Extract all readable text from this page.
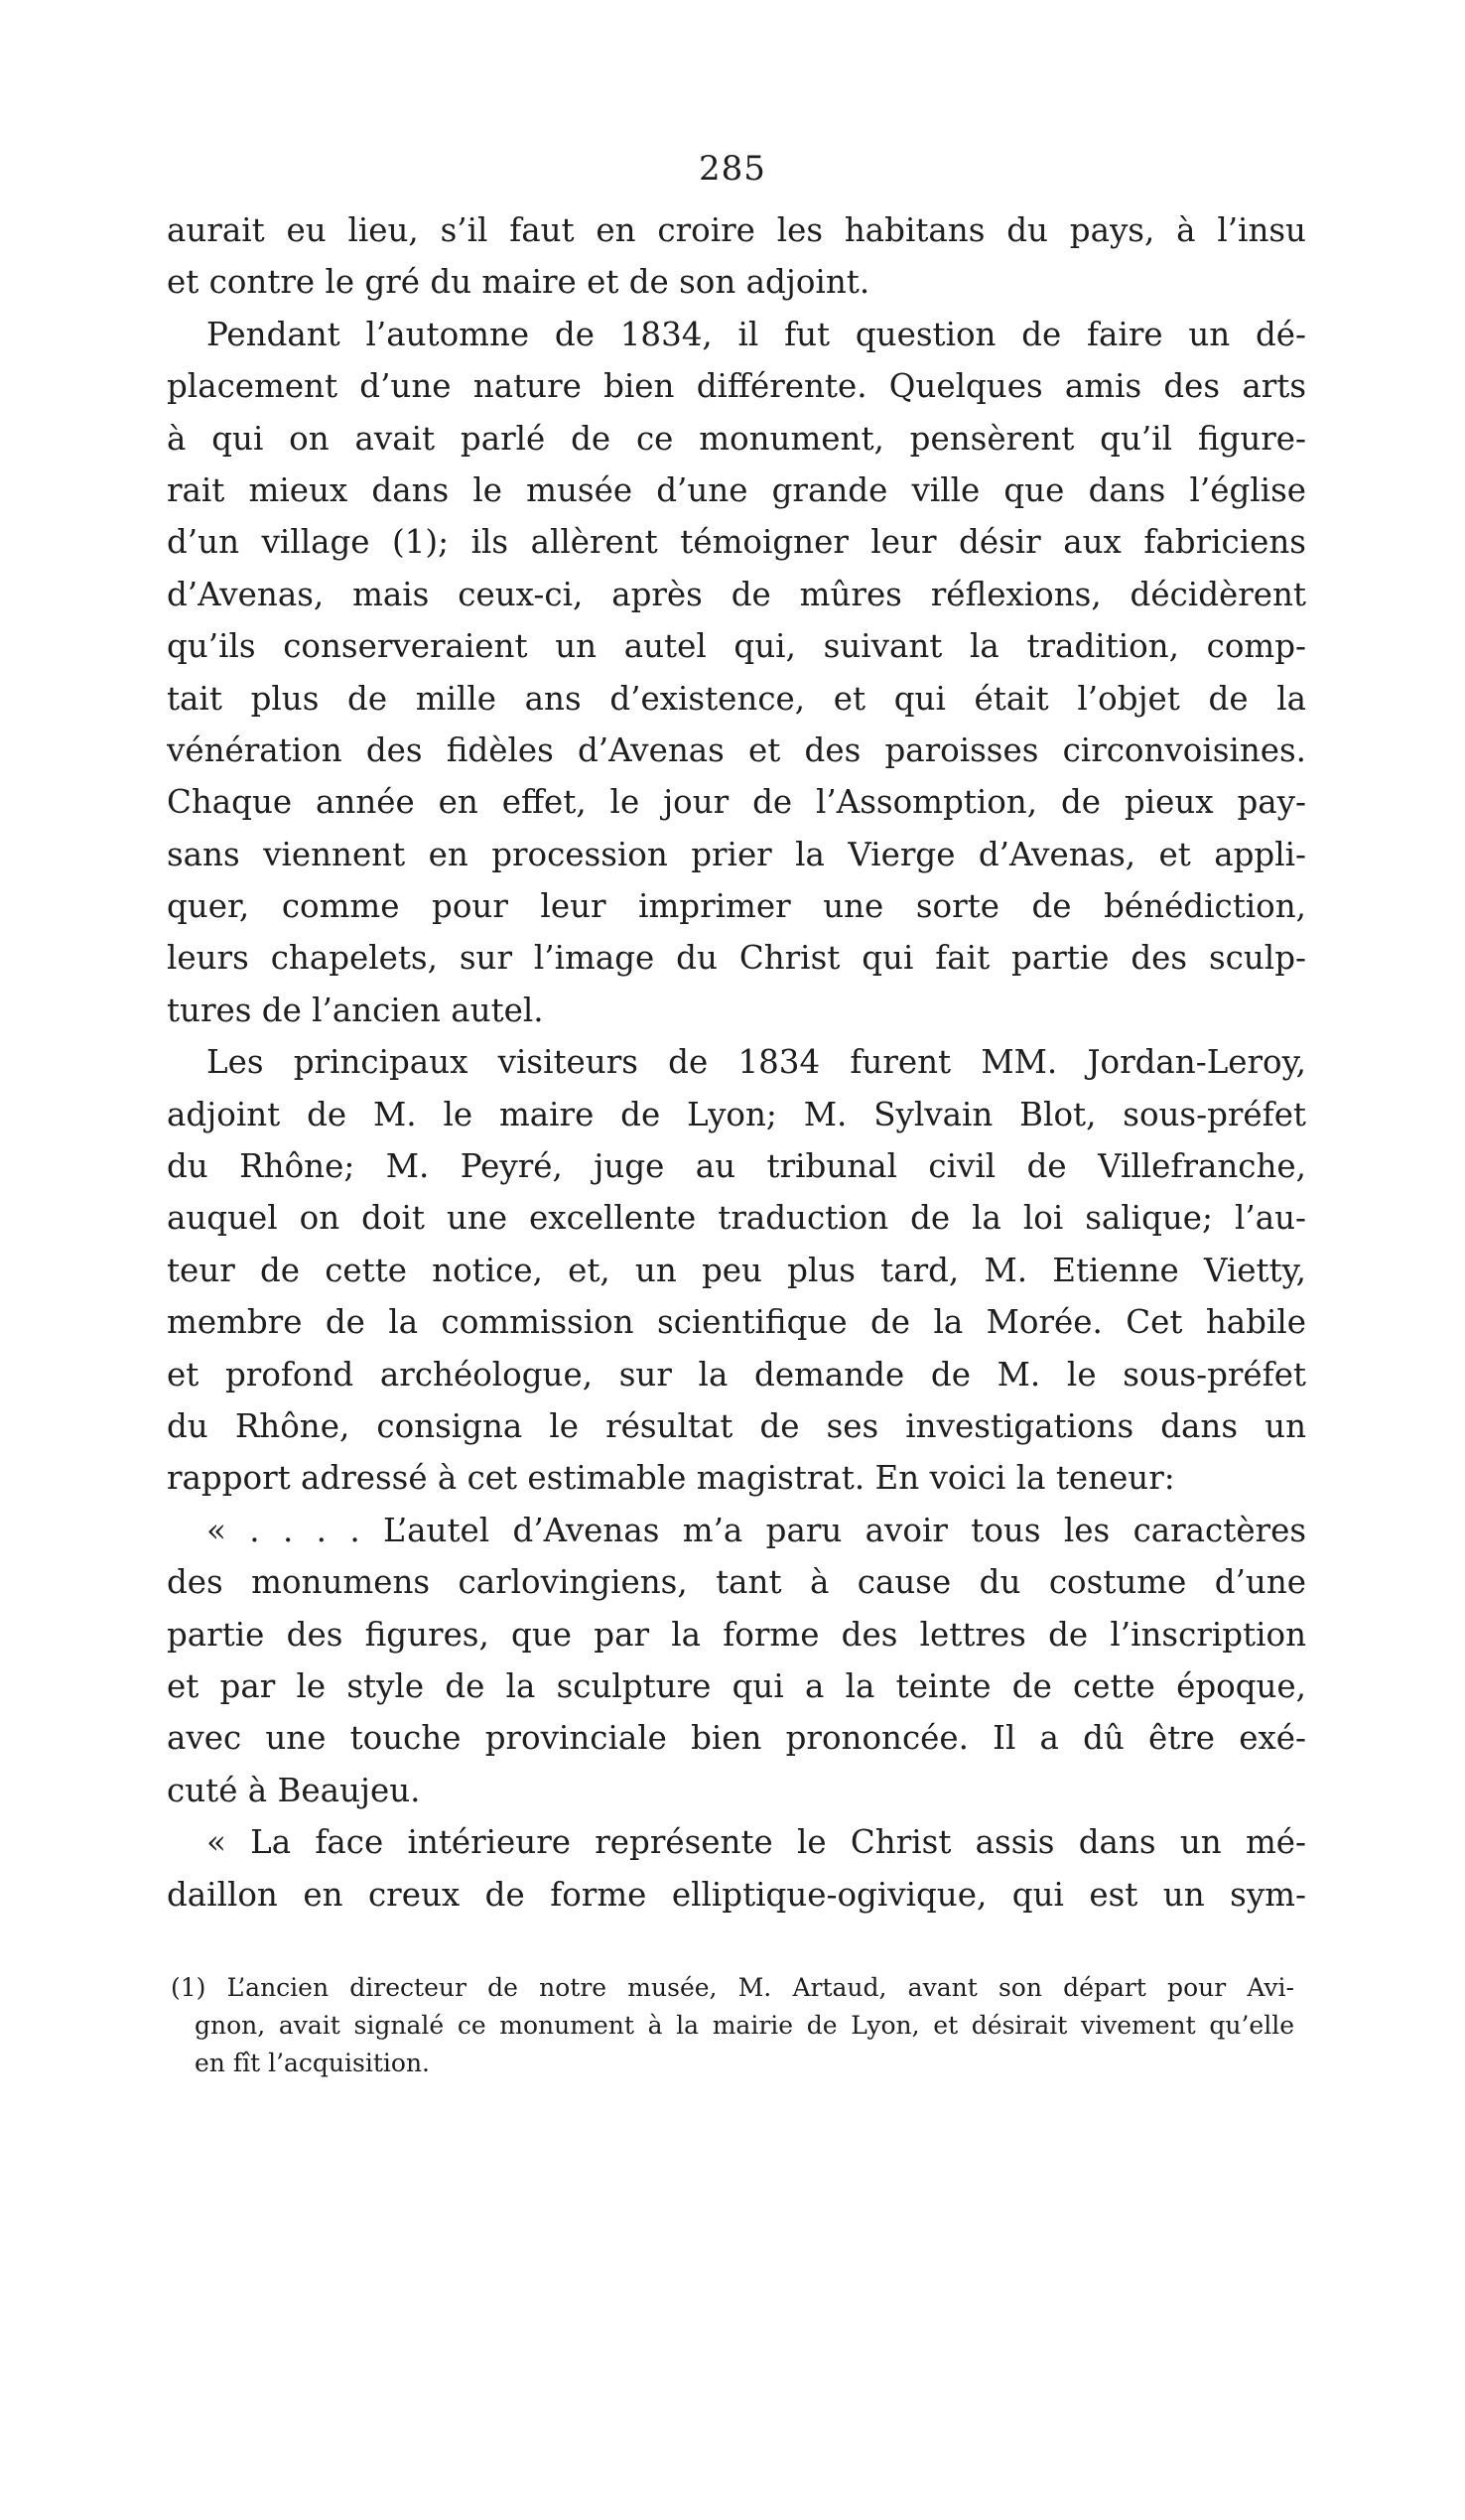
285
aurait eu lieu, s’il faut en croire les habitans du pays, à l’insu
et contre le gré du maire et de son adjoint.
Pendant l’automne de 1834, il fut question de faire un dé-
placement d’une nature bien différente. Quelques amis des arts
à qui on avait parlé de ce monument, pensèrent qu’il figure-
rait mieux dans le musée d’une grande ville que dans l’église
d’un village (1); ils allèrent témoigner leur désir aux fabriciens
d’Avenas, mais ceux-ci, après de mûres réflexions, décidèrent
qu’ils conserveraient un autel qui, suivant la tradition, comp-
tait plus de mille ans d’existence, et qui était l’objet de la
vénération des fidèles d’Avenas et des paroisses circonvoisines.
Chaque année en effet, le jour de l’Assomption, de pieux pay-
sans viennent en procession prier la Vierge d’Avenas, et appli-
quer, comme pour leur imprimer une sorte de bénédiction,
leurs chapelets, sur l’image du Christ qui fait partie des sculp-
tures de l’ancien autel.
Les principaux visiteurs de 1834 furent MM. Jordan-Leroy,
adjoint de M. le maire de Lyon; M. Sylvain Blot, sous-préfet
du Rhône; M. Peyré, juge au tribunal civil de Villefranche,
auquel on doit une excellente traduction de la loi salique; l’au-
teur de cette notice, et, un peu plus tard, M. Etienne Vietty,
membre de la commission scientifique de la Morée. Cet habile
et profond archéologue, sur la demande de M. le sous-préfet
du Rhône, consigna le résultat de ses investigations dans un
rapport adressé à cet estimable magistrat. En voici la teneur:
« . . . . L’autel d’Avenas m’a paru avoir tous les caractères
des monumens carlovingiens, tant à cause du costume d’une
partie des figures, que par la forme des lettres de l’inscription
et par le style de la sculpture qui a la teinte de cette époque,
avec une touche provinciale bien prononcée. Il a dû être exé-
cuté à Beaujeu.
« La face intérieure représente le Christ assis dans un mé-
daillon en creux de forme elliptique-ogivique, qui est un sym-
(1) L’ancien directeur de notre musée, M. Artaud, avant son départ pour Avi-
gnon, avait signalé ce monument à la mairie de Lyon, et désirait vivement qu’elle
en fît l’acquisition.
